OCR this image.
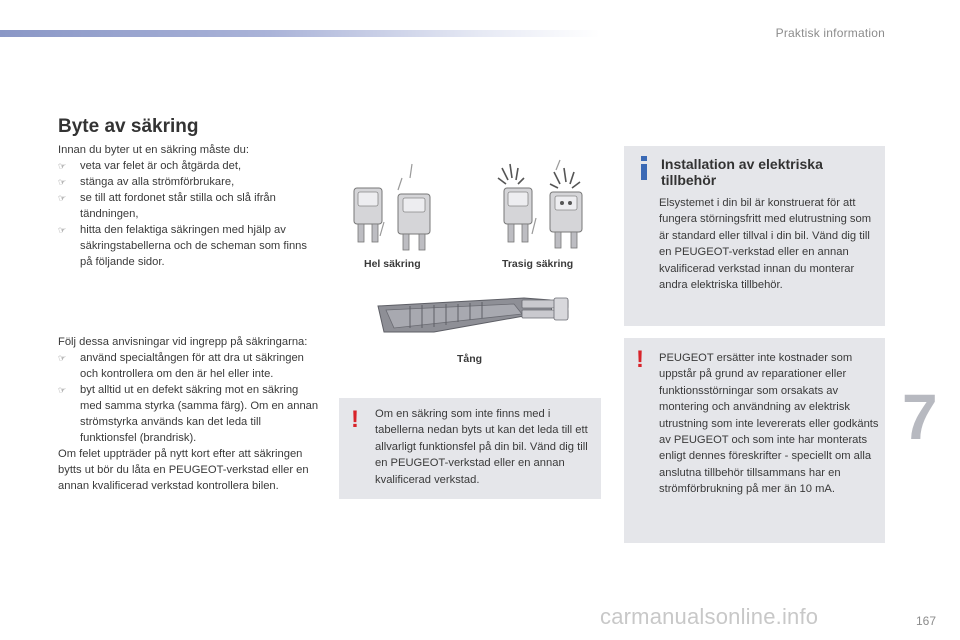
Praktisk information
Byte av säkring

Innan du byter ut en säkring måste du:

☞ veta var felet är och åtgärda det,
☞ stänga av alla strömförbrukare,
☞ se till att fordonet står stilla och slå ifrån tändningen,
☞ hitta den felaktiga säkringen med hjälp av säkringstabellerna och de scheman som finns på följande sidor.

Följ dessa anvisningar vid ingrepp på säkringarna:

☞ använd specialtången för att dra ut säkringen och kontrollera om den är hel eller inte.
☞ byt alltid ut en defekt säkring mot en säkring med samma styrka (samma färg). Om en annan strömstyrka används kan det leda till funktionsfel (brandrisk).

Om felet uppträder på nytt kort efter att säkringen bytts ut bör du låta en PEUGEOT-verkstad eller en annan kvalificerad verkstad kontrollera bilen.

Hel säkring	Trasig säkring
Tång
! Om en säkring som inte finns med i tabellerna nedan byts ut kan det leda till ett allvarligt funktionsfel på din bil. Vänd dig till en PEUGEOT-verkstad eller en annan kvalificerad verkstad.
Installation av elektriska tillbehör
Elsystemet i din bil är konstruerat för att fungera störningsfritt med elutrustning som är standard eller tillval i din bil. Vänd dig till en PEUGEOT-verkstad eller en annan kvalificerad verkstad innan du monterar andra elektriska tillbehör.
! PEUGEOT ersätter inte kostnader som uppstår på grund av reparationer eller funktionsstörningar som orsakats av montering och användning av elektrisk utrustning som inte levererats eller godkänts av PEUGEOT och som inte har monterats enligt dennes föreskrifter - speciellt om alla anslutna tillbehör tillsammans har en strömförbrukning på mer än 10 mA.
7
carmanualsonline.info	167
